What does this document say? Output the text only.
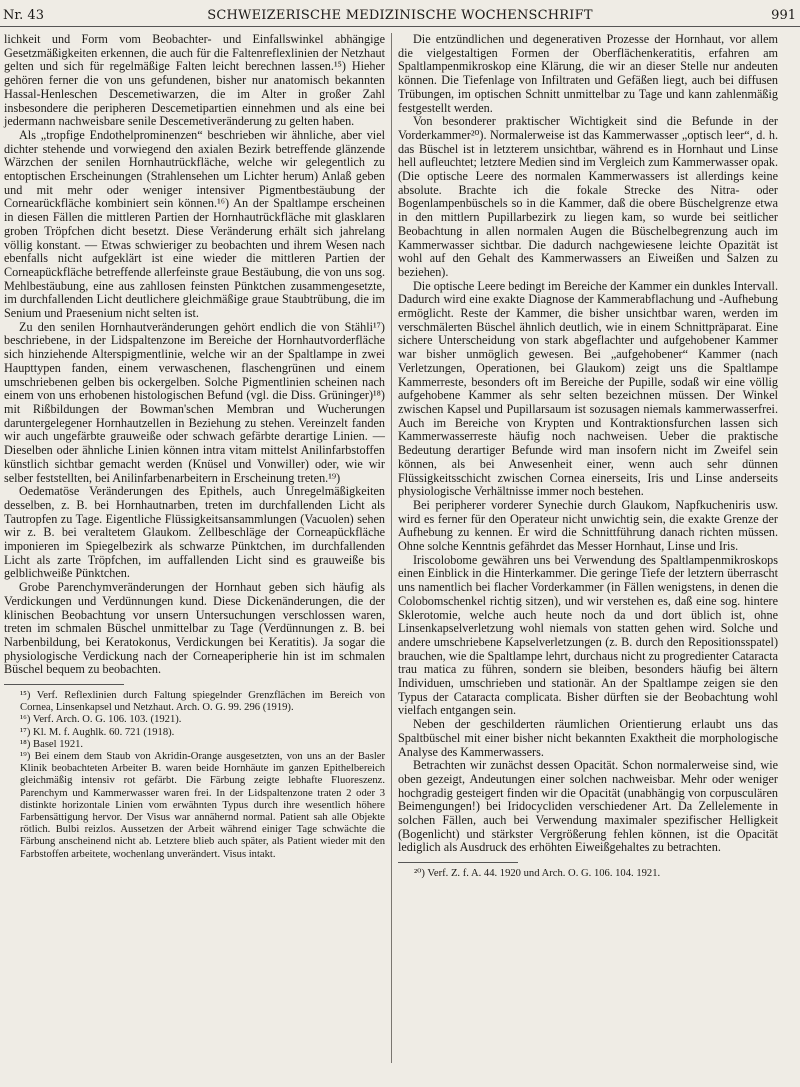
Nr. 43	SCHWEIZERISCHE MEDIZINISCHE WOCHENSCHRIFT	991

lichkeit und Form vom Beobachter- und Einfallswinkel abhängige Gesetzmäßigkeiten erkennen, die auch für die Faltenreflexlinien der Netzhaut gelten und sich für regelmäßige Falten leicht berechnen lassen.¹⁵) Hieher gehören ferner die von uns gefundenen, bisher nur anatomisch bekannten Hassal-Henleschen Descemetiwarzen, die im Alter in großer Zahl insbesondere die peripheren Descemetipartien einnehmen und als eine bei jedermann nachweisbare senile Descemetiveränderung zu gelten haben.

Als „tropfige Endothelprominenzen“ beschrieben wir ähnliche, aber viel dichter stehende und vorwiegend den axialen Bezirk betreffende glänzende Wärzchen der senilen Hornhautrückfläche, welche wir gelegentlich zu entoptischen Erscheinungen (Strahlensehen um Lichter herum) Anlaß geben und mit mehr oder weniger intensiver Pigmentbestäubung der Cornearückfläche kombiniert sein können.¹⁶) An der Spaltlampe erscheinen in diesen Fällen die mittleren Partien der Hornhautrückfläche mit glasklaren groben Tröpfchen dicht besetzt. Diese Veränderung erhält sich jahrelang völlig konstant. — Etwas schwieriger zu beobachten und ihrem Wesen nach ebenfalls nicht aufgeklärt ist eine wieder die mittleren Partien der Corneарückfläche betreffende allerfeinste graue Bestäubung, die von uns sog. Mehlbestäubung, eine aus zahllosen feinsten Pünktchen zusammengesetzte, im durchfallenden Licht deutlichere gleichmäßige graue Staubtrübung, die im Senium und Praesenium nicht selten ist.

Zu den senilen Hornhautveränderungen gehört endlich die von Stähli¹⁷) beschriebene, in der Lidspaltenzone im Bereiche der Hornhautvorderfläche sich hinziehende Alterspigmentlinie, welche wir an der Spaltlampe in zwei Haupttypen fanden, einem verwaschenen, flaschengrünen und einem umschriebenen gelben bis ockergelben. Solche Pigmentlinien scheinen nach einem von uns erhobenen histologischen Befund (vgl. die Diss. Grüninger)¹⁸) mit Rißbildungen der Bowman'schen Membran und Wucherungen daruntergelegener Hornhautzellen in Beziehung zu stehen. Vereinzelt fanden wir auch ungefärbte grauweiße oder schwach gefärbte derartige Linien. — Dieselben oder ähnliche Linien können intra vitam mittelst Anilinfarbstoffen künstlich sichtbar gemacht werden (Knüsel und Vonwiller) oder, wie wir selber feststellten, bei Anilinfarbenarbeitern in Erscheinung treten.¹⁹)

Oedematöse Veränderungen des Epithels, auch Unregelmäßigkeiten desselben, z. B. bei Hornhautnarben, treten im durchfallenden Licht als Tautropfen zu Tage. Eigentliche Flüssigkeitsansammlungen (Vacuolen) sehen wir z. B. bei veraltetem Glaukom. Zellbeschläge der Corneарückfläche imponieren im Spiegelbezirk als schwarze Pünktchen, im durchfallenden Licht als zarte Tröpfchen, im auffallenden Licht sind es grauweiße bis gelblichweiße Pünktchen.

Grobe Parenchymveränderungen der Hornhaut geben sich häufig als Verdickungen und Verdünnungen kund. Diese Dickenänderungen, die der klinischen Beobachtung vor unsern Untersuchungen verschlossen waren, treten im schmalen Büschel unmittelbar zu Tage (Verdünnungen z. B. bei Narbenbildung, bei Keratokonus, Verdickungen bei Keratitis). Ja sogar die physiologische Verdickung nach der Corneaperipherie hin ist im schmalen Büschel bequem zu beobachten.

¹⁵) Verf. Reflexlinien durch Faltung spiegelnder Grenzflächen im Bereich von Cornea, Linsenkapsel und Netzhaut. Arch. O. G. 99. 296 (1919).

¹⁶) Verf. Arch. O. G. 106. 103. (1921).

¹⁷) Kl. M. f. Aughlk. 60. 721 (1918).

¹⁸) Basel 1921.

¹⁹) Bei einem dem Staub von Akridin-Orange ausgesetzten, von uns an der Basler Klinik beobachteten Arbeiter B. waren beide Hornhäute im ganzen Epithelbereich gleichmäßig intensiv rot gefärbt. Die Färbung zeigte lebhafte Fluoreszenz. Parenchym und Kammerwasser waren frei. In der Lidspaltenzone traten 2 oder 3 distinkte horizontale Linien vom erwähnten Typus durch ihre wesentlich höhere Farbensättigung hervor. Der Visus war annähernd normal. Patient sah alle Objekte rötlich. Bulbi reizlos. Aussetzen der Arbeit während einiger Tage schwächte die Färbung anscheinend nicht ab. Letztere blieb auch später, als Patient wieder mit den Farbstoffen arbeitete, wochenlang unverändert. Visus intakt.

Die entzündlichen und degenerativen Prozesse der Hornhaut, vor allem die vielgestaltigen Formen der Oberflächenkeratitis, erfahren am Spaltlampenmikroskop eine Klärung, die wir an dieser Stelle nur andeuten können. Die Tiefenlage von Infiltraten und Gefäßen liegt, auch bei diffusen Trübungen, im optischen Schnitt unmittelbar zu Tage und kann zahlenmäßig festgestellt werden.

Von besonderer praktischer Wichtigkeit sind die Befunde in der Vorderkammer²⁰). Normalerweise ist das Kammerwasser „optisch leer“, d. h. das Büschel ist in letzterem unsichtbar, während es in Hornhaut und Linse hell aufleuchtet; letztere Medien sind im Vergleich zum Kammerwasser opak. (Die optische Leere des normalen Kammerwassers ist allerdings keine absolute. Brachte ich die fokale Strecke des Nitra- oder Bogenlampenbüschels so in die Kammer, daß die obere Büschelgrenze etwa in den mittlern Pupillarbezirk zu liegen kam, so wurde bei seitlicher Beobachtung in allen normalen Augen die Büschelbegrenzung auch im Kammerwasser sichtbar. Die dadurch nachgewiesene leichte Opazität ist wohl auf den Gehalt des Kammerwassers an Eiweißen und Salzen zu beziehen).

Die optische Leere bedingt im Bereiche der Kammer ein dunkles Intervall. Dadurch wird eine exakte Diagnose der Kammerabflachung und -Aufhebung ermöglicht. Reste der Kammer, die bisher unsichtbar waren, werden im verschmälerten Büschel ähnlich deutlich, wie in einem Schnittpräparat. Eine sichere Unterscheidung von stark abgeflachter und aufgehobener Kammer war bisher unmöglich gewesen. Bei „aufgehobener“ Kammer (nach Verletzungen, Operationen, bei Glaukom) zeigt uns die Spaltlampe Kammerreste, besonders oft im Bereiche der Pupille, sodaß wir eine völlig aufgehobene Kammer als sehr selten bezeichnen müssen. Der Winkel zwischen Kapsel und Pupillarsaum ist sozusagen niemals kammerwasserfrei. Auch im Bereiche von Krypten und Kontraktionsfurchen lassen sich Kammerwasserreste häufig noch nachweisen. Ueber die praktische Bedeutung derartiger Befunde wird man insofern nicht im Zweifel sein können, als bei Anwesenheit einer, wenn auch sehr dünnen Flüssigkeitsschicht zwischen Cornea einerseits, Iris und Linse anderseits physiologische Verhältnisse immer noch bestehen.

Bei peripherer vorderer Synechie durch Glaukom, Napfkucheniris usw. wird es ferner für den Operateur nicht unwichtig sein, die exakte Grenze der Aufhebung zu kennen. Er wird die Schnittführung danach richten müssen. Ohne solche Kenntnis gefährdet das Messer Hornhaut, Linse und Iris.

Iriscolobome gewähren uns bei Verwendung des Spaltlampenmikroskops einen Einblick in die Hinterkammer. Die geringe Tiefe der letztern überrascht uns namentlich bei flacher Vorderkammer (in Fällen wenigstens, in denen die Colobomschenkel richtig sitzen), und wir verstehen es, daß eine sog. hintere Sklerotomie, welche auch heute noch da und dort üblich ist, ohne Linsenkapselverletzung wohl niemals von statten gehen wird. Solche und andere umschriebene Kapselverletzungen (z. B. durch den Repositionsspatel) brauchen, wie die Spaltlampe lehrt, durchaus nicht zu progredienter Cataracta trau matica zu führen, sondern sie bleiben, besonders häufig bei ältern Individuen, umschrieben und stationär. An der Spaltlampe zeigen sie den Typus der Cataracta complicata. Bisher dürften sie der Beobachtung wohl vielfach entgangen sein.

Neben der geschilderten räumlichen Orientierung erlaubt uns das Spaltbüschel mit einer bisher nicht bekannten Exaktheit die morphologische Analyse des Kammerwassers.

Betrachten wir zunächst dessen Opacität. Schon normalerweise sind, wie oben gezeigt, Andeutungen einer solchen nachweisbar. Mehr oder weniger hochgradig gesteigert finden wir die Opacität (unabhängig von corpusculären Beimengungen!) bei Iridocycliden verschiedener Art. Da Zellelemente in solchen Fällen, auch bei Verwendung maximaler spezifischer Helligkeit (Bogenlicht) und stärkster Vergrößerung fehlen können, ist die Opacität lediglich als Ausdruck des erhöhten Eiweißgehaltes zu betrachten.

²⁰) Verf. Z. f. A. 44. 1920 und Arch. O. G. 106. 104. 1921.
